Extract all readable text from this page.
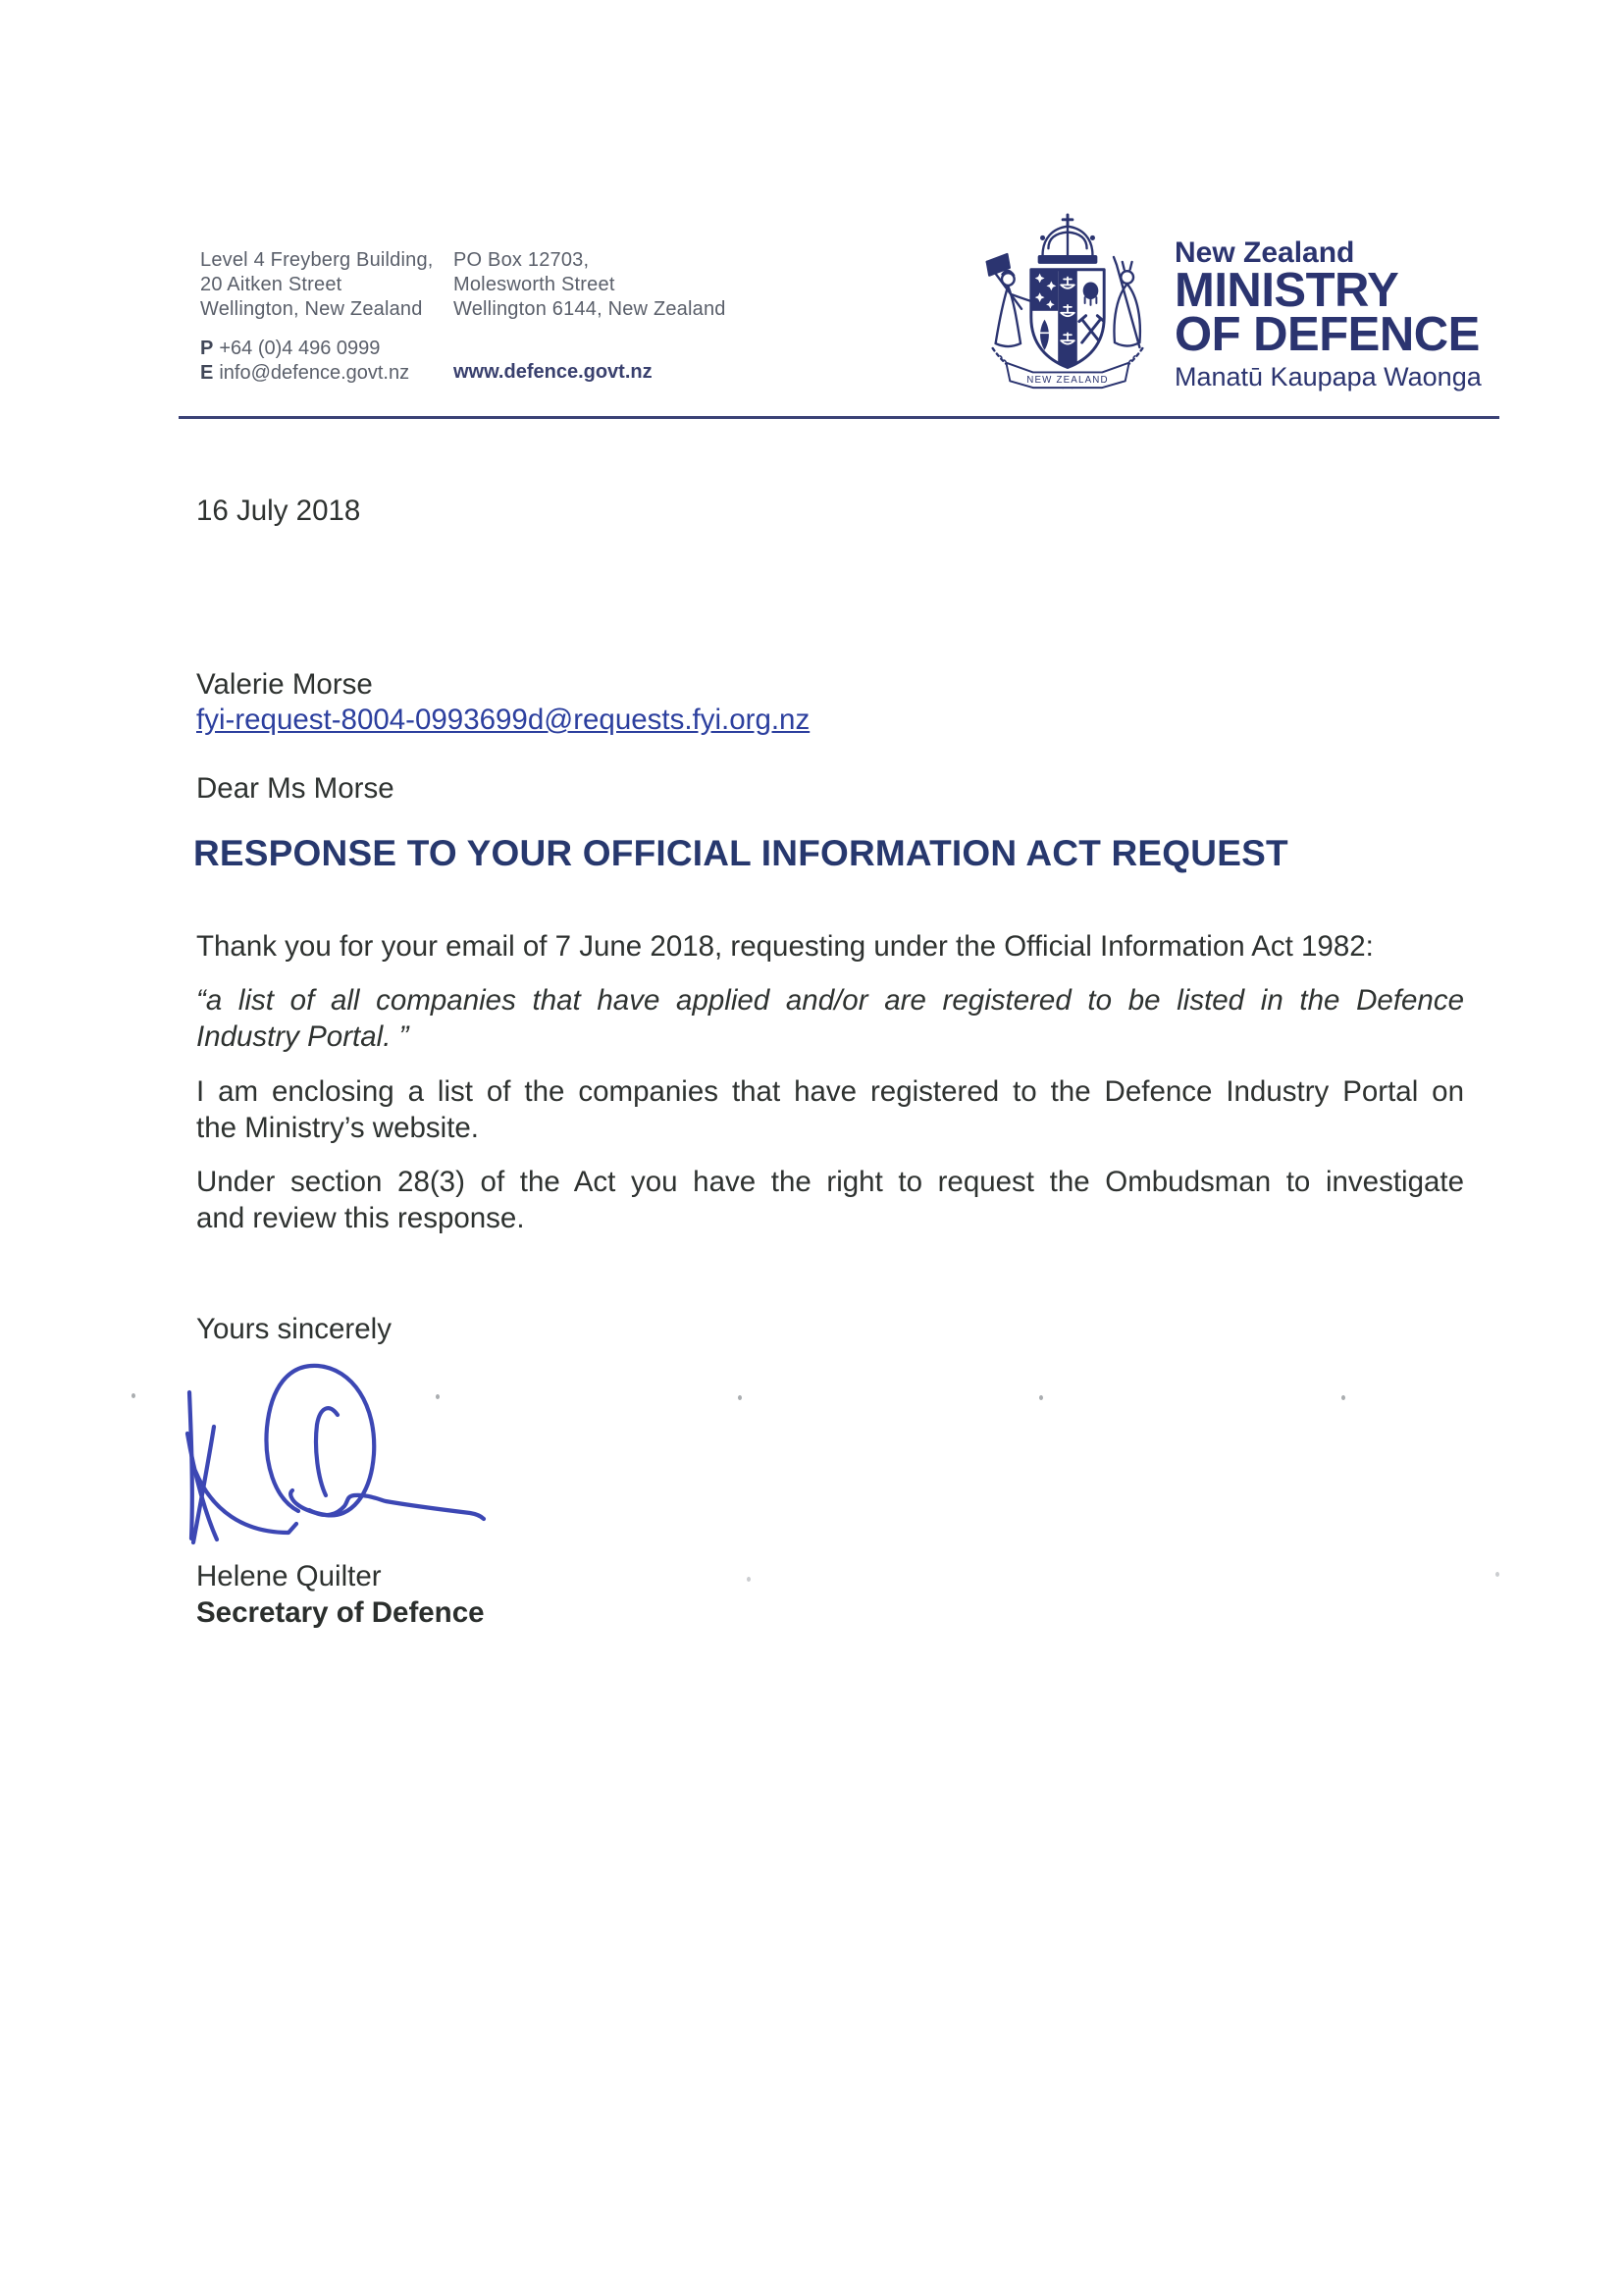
Level 4 Freyberg Building,
20 Aitken Street
Wellington, New Zealand
PO Box 12703,
Molesworth Street
Wellington 6144, New Zealand
P +64 (0)4 496 0999
E info@defence.govt.nz www.defence.govt.nz	NEW ZEALAND
New Zealand
MINISTRY
OF DEFENCE
Manatū Kaupapa Waonga
16 July 2018
Valerie Morse
fyi-request-8004-0993699d@requests.fyi.org.nz
Dear Ms Morse
RESPONSE TO YOUR OFFICIAL INFORMATION ACT REQUEST
Thank you for your email of 7 June 2018, requesting under the Official Information Act 1982:
“a list of all companies that have applied and/or are registered to be listed in the Defence
Industry Portal. ”
I am enclosing a list of the companies that have registered to the Defence Industry Portal on
the Ministry’s website.
Under section 28(3) of the Act you have the right to request the Ombudsman to investigate
and review this response.
Yours sincerely
Helene Quilter
Secretary of Defence
